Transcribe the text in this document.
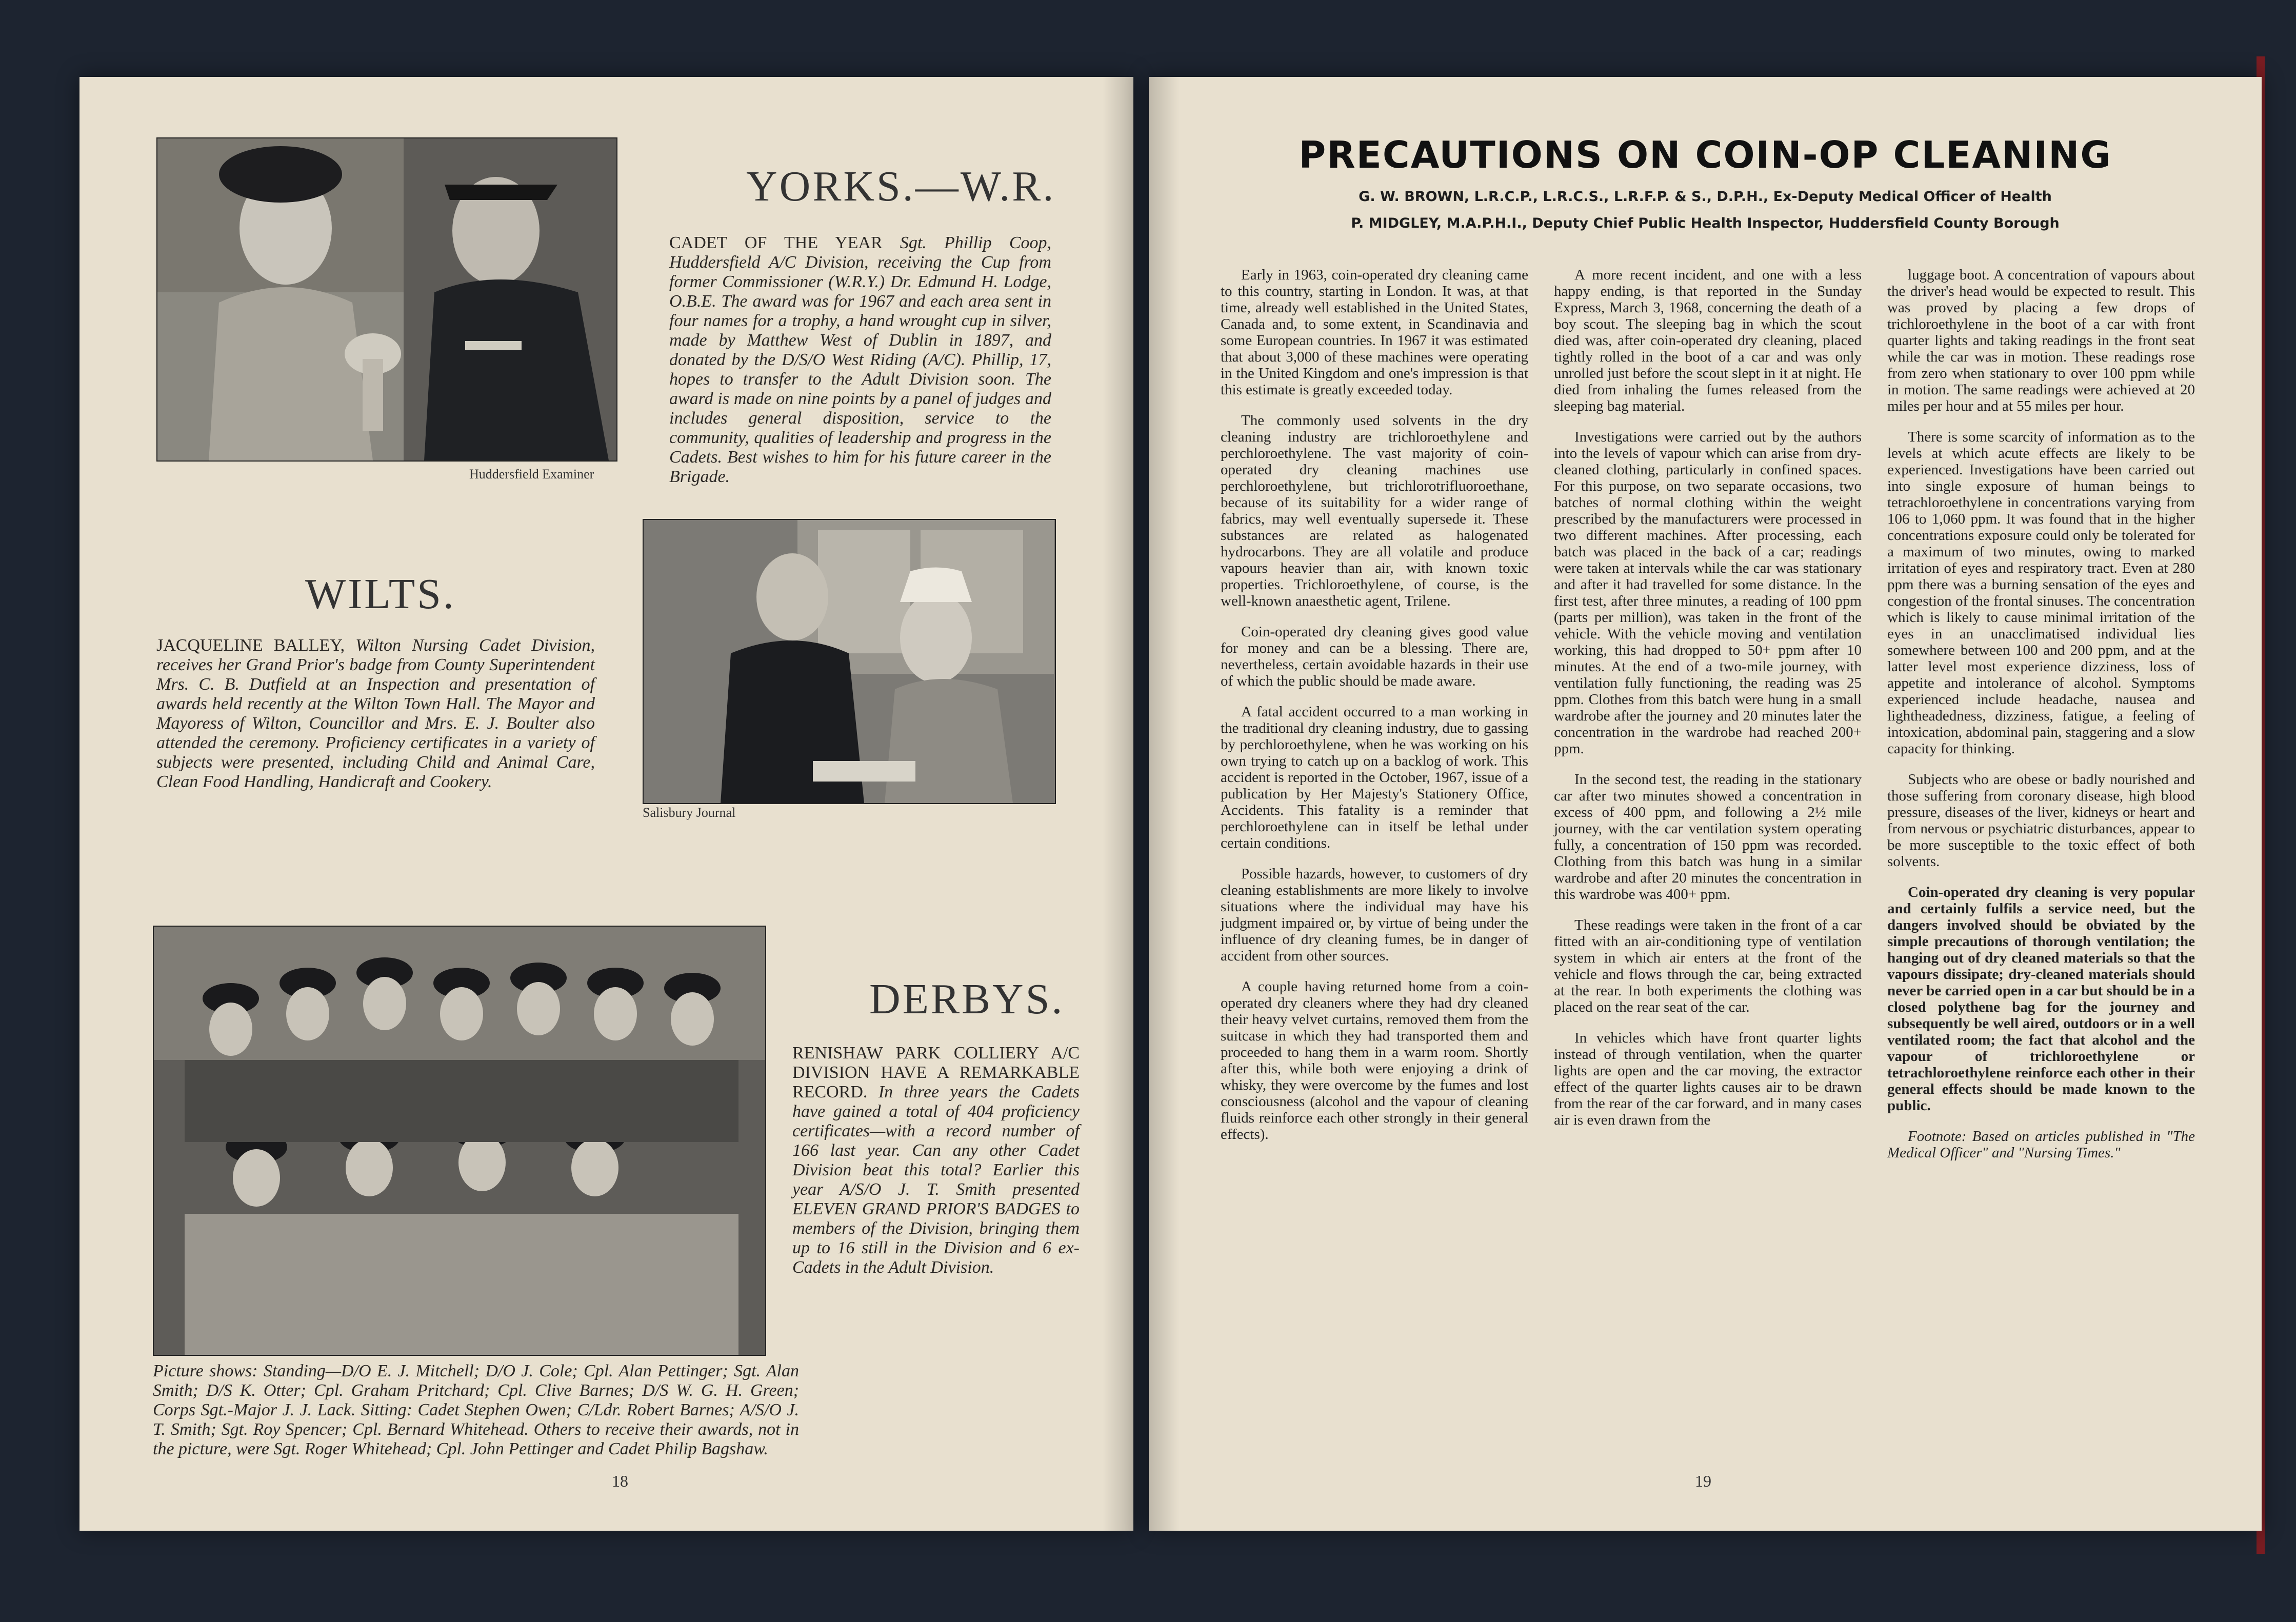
Huddersfield Examiner
YORKS.—W.R.

CADET OF THE YEAR Sgt. Phillip Coop, Huddersfield A/C Division, receiving the Cup from former Commissioner (W.R.Y.) Dr. Edmund H. Lodge, O.B.E. The award was for 1967 and each area sent in four names for a trophy, a hand wrought cup in silver, made by Matthew West of Dublin in 1897, and donated by the D/S/O West Riding (A/C). Phillip, 17, hopes to transfer to the Adult Division soon. The award is made on nine points by a panel of judges and includes general disposition, service to the community, qualities of leadership and progress in the Cadets. Best wishes to him for his future career in the Brigade.

WILTS.

JACQUELINE BALLEY, Wilton Nursing Cadet Division, receives her Grand Prior's badge from County Superintendent Mrs. C. B. Dutfield at an Inspection and presentation of awards held recently at the Wilton Town Hall. The Mayor and Mayoress of Wilton, Councillor and Mrs. E. J. Boulter also attended the ceremony. Proficiency certificates in a variety of subjects were presented, including Child and Animal Care, Clean Food Handling, Handicraft and Cookery.

Salisbury Journal
DERBYS.

RENISHAW PARK COLLIERY A/C DIVISION HAVE A REMARKABLE RECORD. In three years the Cadets have gained a total of 404 proficiency certificates—with a record number of 166 last year. Can any other Cadet Division beat this total? Earlier this year A/S/O J. T. Smith presented ELEVEN GRAND PRIOR'S BADGES to members of the Division, bringing them up to 16 still in the Division and 6 ex-Cadets in the Adult Division.

Picture shows: Standing—D/O E. J. Mitchell; D/O J. Cole; Cpl. Alan Pettinger; Sgt. Alan Smith; D/S K. Otter; Cpl. Graham Pritchard; Cpl. Clive Barnes; D/S W. G. H. Green; Corps Sgt.-Major J. J. Lack. Sitting: Cadet Stephen Owen; C/Ldr. Robert Barnes; A/S/O J. T. Smith; Sgt. Roy Spencer; Cpl. Bernard Whitehead. Others to receive their awards, not in the picture, were Sgt. Roger Whitehead; Cpl. John Pettinger and Cadet Philip Bagshaw.

18
PRECAUTIONS ON COIN-OP CLEANING
G. W. BROWN, L.R.C.P., L.R.C.S., L.R.F.P. & S., D.P.H., Ex-Deputy Medical Officer of Health
P. MIDGLEY, M.A.P.H.I., Deputy Chief Public Health Inspector, Huddersfield County Borough

Early in 1963, coin-operated dry cleaning came to this country, starting in London. It was, at that time, already well established in the United States, Canada and, to some extent, in Scandinavia and some European countries. In 1967 it was estimated that about 3,000 of these machines were operating in the United Kingdom and one's impression is that this estimate is greatly exceeded today.

The commonly used solvents in the dry cleaning industry are trichloroethylene and perchloroethylene. The vast majority of coin-operated dry cleaning machines use perchloroethylene, but trichlorotrifluoroethane, because of its suitability for a wider range of fabrics, may well eventually supersede it. These substances are related as halogenated hydrocarbons. They are all volatile and produce vapours heavier than air, with known toxic properties. Trichloroethylene, of course, is the well-known anaesthetic agent, Trilene.

Coin-operated dry cleaning gives good value for money and can be a blessing. There are, nevertheless, certain avoidable hazards in their use of which the public should be made aware.

A fatal accident occurred to a man working in the traditional dry cleaning industry, due to gassing by perchloroethylene, when he was working on his own trying to catch up on a backlog of work. This accident is reported in the October, 1967, issue of a publication by Her Majesty's Stationery Office, Accidents. This fatality is a reminder that perchloroethylene can in itself be lethal under certain conditions.

Possible hazards, however, to customers of dry cleaning establishments are more likely to involve situations where the individual may have his judgment impaired or, by virtue of being under the influence of dry cleaning fumes, be in danger of accident from other sources.

A couple having returned home from a coin-operated dry cleaners where they had dry cleaned their heavy velvet curtains, removed them from the suitcase in which they had transported them and proceeded to hang them in a warm room. Shortly after this, while both were enjoying a drink of whisky, they were overcome by the fumes and lost consciousness (alcohol and the vapour of cleaning fluids reinforce each other strongly in their general effects).

A more recent incident, and one with a less happy ending, is that reported in the Sunday Express, March 3, 1968, concerning the death of a boy scout. The sleeping bag in which the scout died was, after coin-operated dry cleaning, placed tightly rolled in the boot of a car and was only unrolled just before the scout slept in it at night. He died from inhaling the fumes released from the sleeping bag material.

Investigations were carried out by the authors into the levels of vapour which can arise from dry-cleaned clothing, particularly in confined spaces. For this purpose, on two separate occasions, two batches of normal clothing within the weight prescribed by the manufacturers were processed in two different machines. After processing, each batch was placed in the back of a car; readings were taken at intervals while the car was stationary and after it had travelled for some distance. In the first test, after three minutes, a reading of 100 ppm (parts per million), was taken in the front of the vehicle. With the vehicle moving and ventilation working, this had dropped to 50+ ppm after 10 minutes. At the end of a two-mile journey, with ventilation fully functioning, the reading was 25 ppm. Clothes from this batch were hung in a small wardrobe after the journey and 20 minutes later the concentration in the wardrobe had reached 200+ ppm.

In the second test, the reading in the stationary car after two minutes showed a concentration in excess of 400 ppm, and following a 2½ mile journey, with the car ventilation system operating fully, a concentration of 150 ppm was recorded. Clothing from this batch was hung in a similar wardrobe and after 20 minutes the concentration in this wardrobe was 400+ ppm.

These readings were taken in the front of a car fitted with an air-conditioning type of ventilation system in which air enters at the front of the vehicle and flows through the car, being extracted at the rear. In both experiments the clothing was placed on the rear seat of the car.

In vehicles which have front quarter lights instead of through ventilation, when the quarter lights are open and the car moving, the extractor effect of the quarter lights causes air to be drawn from the rear of the car forward, and in many cases air is even drawn from the

luggage boot. A concentration of vapours about the driver's head would be expected to result. This was proved by placing a few drops of trichloroethylene in the boot of a car with front quarter lights and taking readings in the front seat while the car was in motion. These readings rose from zero when stationary to over 100 ppm while in motion. The same readings were achieved at 20 miles per hour and at 55 miles per hour.

There is some scarcity of information as to the levels at which acute effects are likely to be experienced. Investigations have been carried out into single exposure of human beings to tetrachloroethylene in concentrations varying from 106 to 1,060 ppm. It was found that in the higher concentrations exposure could only be tolerated for a maximum of two minutes, owing to marked irritation of eyes and respiratory tract. Even at 280 ppm there was a burning sensation of the eyes and congestion of the frontal sinuses. The concentration which is likely to cause minimal irritation of the eyes in an unacclimatised individual lies somewhere between 100 and 200 ppm, and at the latter level most experience dizziness, loss of appetite and intolerance of alcohol. Symptoms experienced include headache, nausea and lightheadedness, dizziness, fatigue, a feeling of intoxication, abdominal pain, staggering and a slow capacity for thinking.

Subjects who are obese or badly nourished and those suffering from coronary disease, high blood pressure, diseases of the liver, kidneys or heart and from nervous or psychiatric disturbances, appear to be more susceptible to the toxic effect of both solvents.

Coin-operated dry cleaning is very popular and certainly fulfils a service need, but the dangers involved should be obviated by the simple precautions of thorough ventilation; the hanging out of dry cleaned materials so that the vapours dissipate; dry-cleaned materials should never be carried open in a car but should be in a closed polythene bag for the journey and subsequently be well aired, outdoors or in a well ventilated room; the fact that alcohol and the vapour of trichloroethylene or tetrachloroethylene reinforce each other in their general effects should be made known to the public.

Footnote: Based on articles published in "The Medical Officer" and "Nursing Times."

19
